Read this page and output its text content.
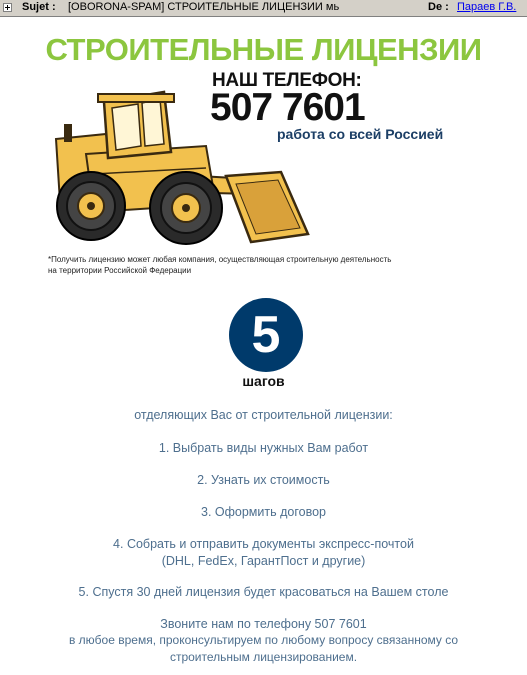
Sujet : [OBORONA-SPAM] СТРОИТЕЛЬНЫЕ ЛИЦЕНЗИИ мь	De : Параев Г.В.
СТРОИТЕЛЬНЫЕ ЛИЦЕНЗИИ
НАШ ТЕЛЕФОН:
507 7601
работа со всей Россией
*Получить лицензию может любая компания, осуществляющая строительную деятельность
на территории Российской Федерации
5
шагов
отделяющих Вас от строительной лицензии:
1. Выбрать виды нужных Вам работ
2. Узнать их стоимость
3. Оформить договор
4. Собрать и отправить документы экспресс-почтой
(DHL, FedEx, ГарантПост и другие)
5. Спустя 30 дней лицензия будет красоваться на Вашем столе
Звоните нам по телефону 507 7601
в любое время, проконсультируем по любому вопросу связанному со
строительным лицензированием.
